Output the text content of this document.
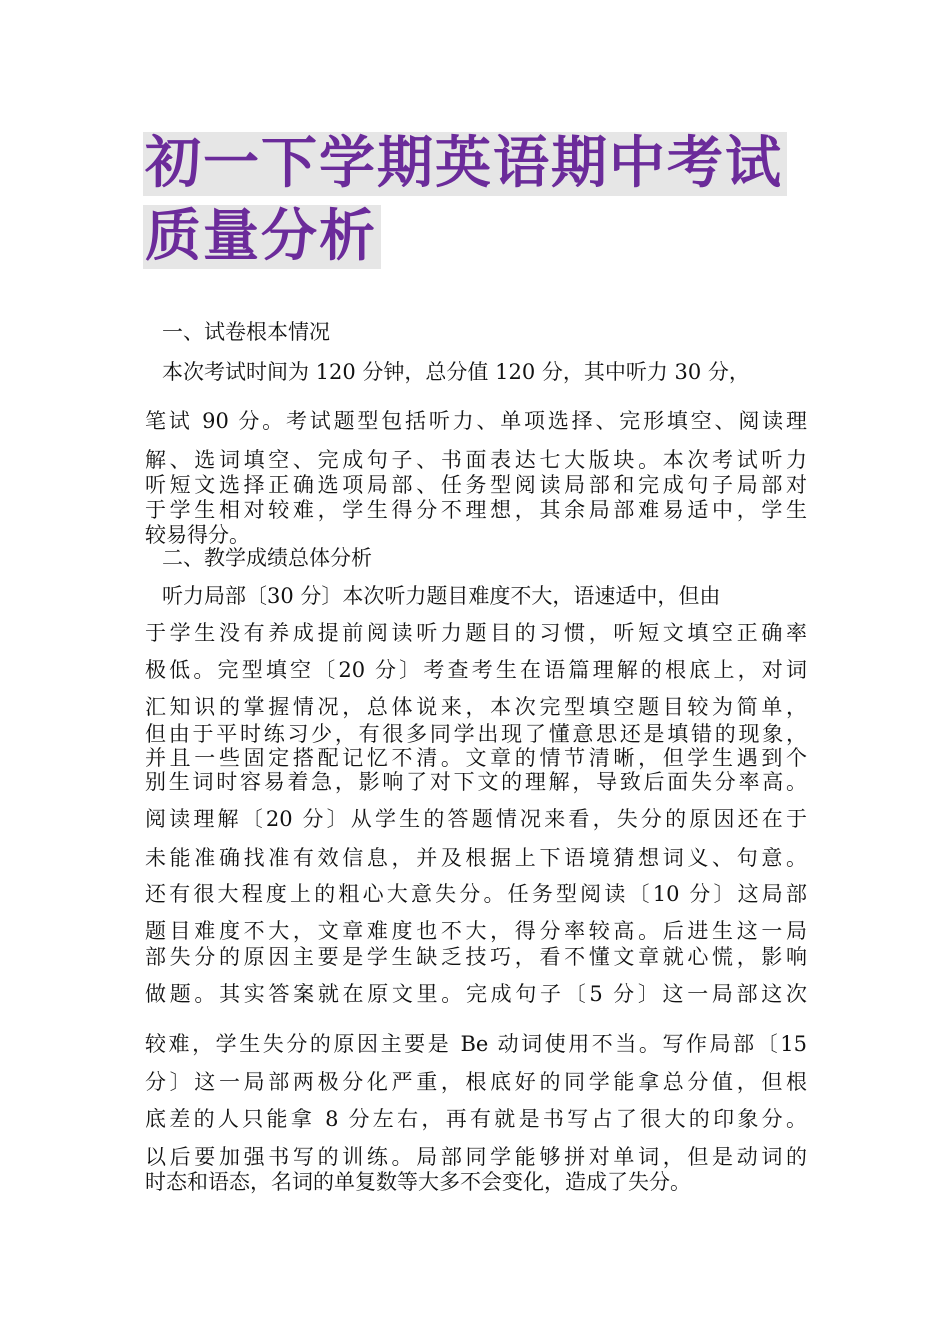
初一下学期英语期中考试
质量分析
一、试卷根本情况
本次考试时间为 120 分钟，总分值 120 分，其中听力 30 分，
笔试 90 分。考试题型包括听力、单项选择、完形填空、阅读理
解、选词填空、完成句子、书面表达七大版块。本次考试听力
听短文选择正确选项局部、任务型阅读局部和完成句子局部对
于学生相对较难，学生得分不理想，其余局部难易适中，学生
较易得分。
二、教学成绩总体分析
听力局部〔30 分〕本次听力题目难度不大，语速适中，但由
于学生没有养成提前阅读听力题目的习惯，听短文填空正确率
极低。完型填空〔20 分〕考查考生在语篇理解的根底上，对词
汇知识的掌握情况，总体说来，本次完型填空题目较为简单，
但由于平时练习少，有很多同学出现了懂意思还是填错的现象，
并且一些固定搭配记忆不清。文章的情节清晰，但学生遇到个
别生词时容易着急，影响了对下文的理解，导致后面失分率高。
阅读理解〔20 分〕从学生的答题情况来看，失分的原因还在于
未能准确找准有效信息，并及根据上下语境猜想词义、句意。
还有很大程度上的粗心大意失分。任务型阅读〔10 分〕这局部
题目难度不大，文章难度也不大，得分率较高。后进生这一局
部失分的原因主要是学生缺乏技巧，看不懂文章就心慌，影响
做题。其实答案就在原文里。完成句子〔5 分〕这一局部这次
较难，学生失分的原因主要是 Be 动词使用不当。写作局部〔15
分〕这一局部两极分化严重，根底好的同学能拿总分值，但根
底差的人只能拿 8 分左右，再有就是书写占了很大的印象分。
以后要加强书写的训练。局部同学能够拼对单词，但是动词的
时态和语态，名词的单复数等大多不会变化，造成了失分。
